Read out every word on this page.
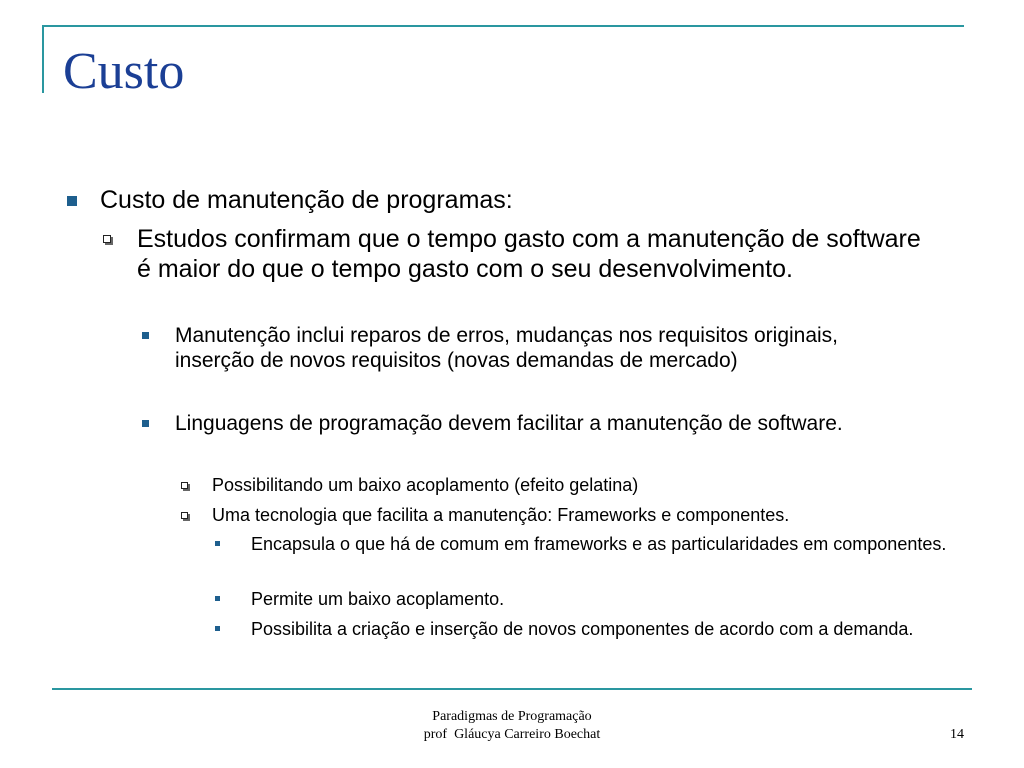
Custo
Custo de manutenção de programas:
Estudos confirmam que o tempo gasto com a manutenção de software é maior do que o tempo gasto com o seu desenvolvimento.
Manutenção inclui reparos de erros, mudanças nos requisitos originais, inserção de novos requisitos (novas demandas de mercado)
Linguagens de programação devem facilitar a manutenção de software.
Possibilitando um baixo acoplamento (efeito gelatina)
Uma tecnologia que facilita a manutenção: Frameworks e componentes.
Encapsula o que há de comum em frameworks e as particularidades em componentes.
Permite um baixo acoplamento.
Possibilita a criação e inserção de novos componentes de acordo com a demanda.
Paradigmas de Programação
prof  Gláucya Carreiro Boechat	14
